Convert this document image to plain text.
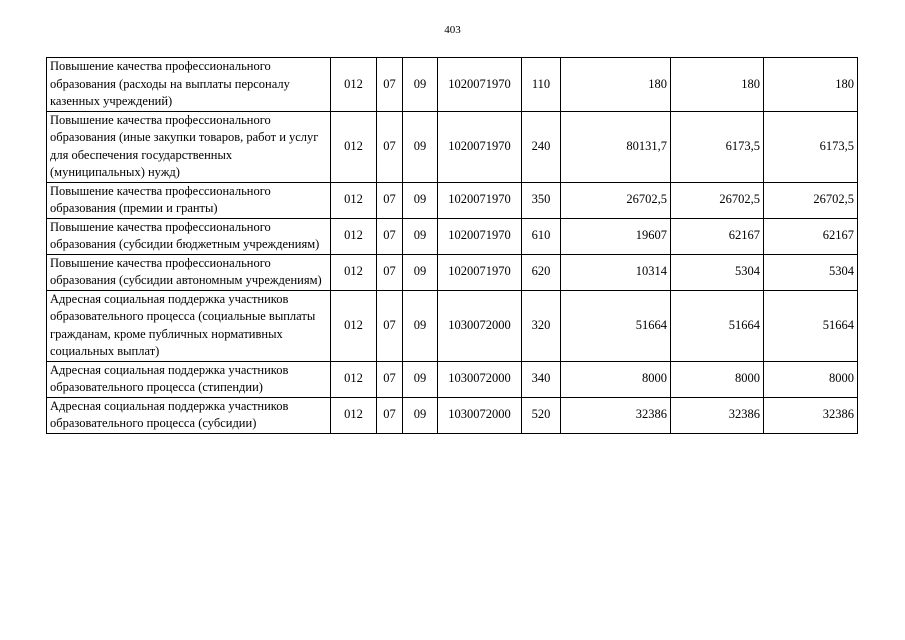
403
Повышение качества профессионального образования (расходы на выплаты персоналу казенных учреждений)	012	07	09	1020071970	110	180	180	180
Повышение качества профессионального образования (иные закупки товаров, работ и услуг для обеспечения государственных (муниципальных) нужд)	012	07	09	1020071970	240	80131,7	6173,5	6173,5
Повышение качества профессионального образования (премии и гранты)	012	07	09	1020071970	350	26702,5	26702,5	26702,5
Повышение качества профессионального образования (субсидии бюджетным учреждениям)	012	07	09	1020071970	610	19607	62167	62167
Повышение качества профессионального образования (субсидии автономным учреждениям)	012	07	09	1020071970	620	10314	5304	5304
Адресная социальная поддержка участников образовательного процесса (социальные выплаты гражданам, кроме публичных нормативных социальных выплат)	012	07	09	1030072000	320	51664	51664	51664
Адресная социальная поддержка участников образовательного процесса (стипендии)	012	07	09	1030072000	340	8000	8000	8000
Адресная социальная поддержка участников образовательного процесса (субсидии)	012	07	09	1030072000	520	32386	32386	32386
